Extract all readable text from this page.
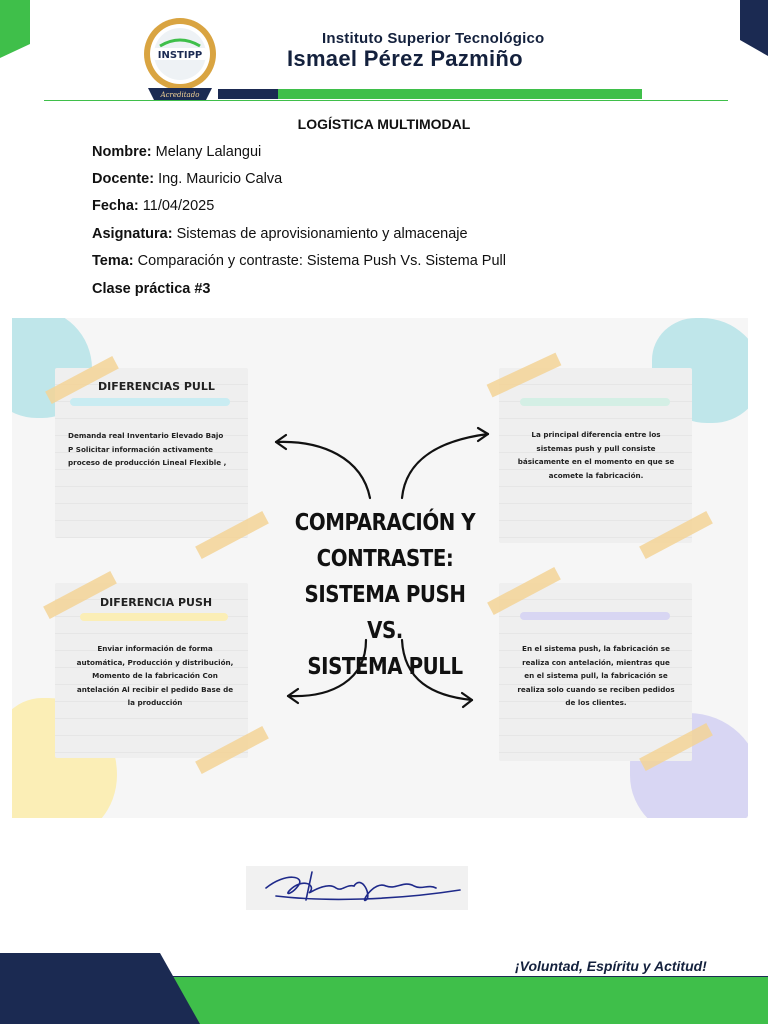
INSTIPP
Acreditado
Instituto Superior Tecnológico
Ismael Pérez Pazmiño
LOGÍSTICA MULTIMODAL
Nombre: Melany Lalangui
Docente: Ing. Mauricio Calva
Fecha: 11/04/2025
Asignatura: Sistemas de aprovisionamiento y almacenaje
Tema: Comparación y contraste: Sistema Push Vs. Sistema Pull
Clase práctica #3
DIFERENCIAS PULL
Demanda real Inventario Elevado Bajo
P Solicitar información activamente
proceso de producción Lineal Flexible ,
DIFERENCIA PUSH
Enviar información de forma
automática, Producción y distribución,
Momento de la fabricación Con
antelación Al recibir el pedido Base de
la producción
La principal diferencia entre los
sistemas push y pull consiste
básicamente en el momento en que se
acomete la fabricación.
En el sistema push, la fabricación se
realiza con antelación, mientras que
en el sistema pull, la fabricación se
realiza solo cuando se reciben pedidos
de los clientes.
COMPARACIÓN Y
CONTRASTE:
SISTEMA PUSH VS.
SISTEMA PULL
¡Voluntad, Espíritu y Actitud!
